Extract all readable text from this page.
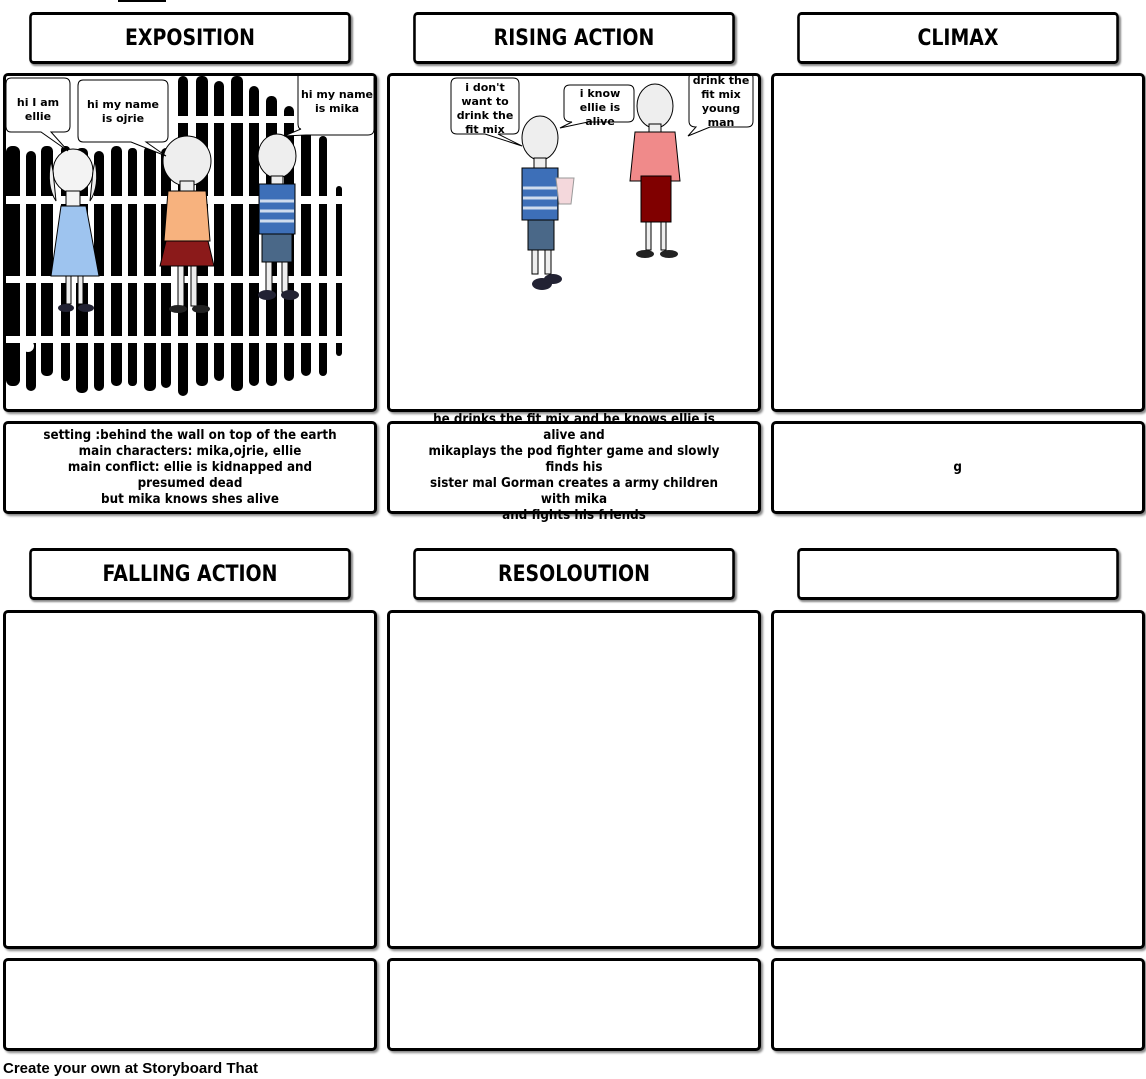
EXPOSITION	RISING ACTION	CLIMAX
hi I am
ellie
hi my name
is ojrie
hi my name
is mika
i don't
want to
drink the
fit mix
i know
ellie is
alive
drink the
fit mix
young
man
setting :behind the wall on top of the earth
main characters: mika,ojrie, ellie
main conflict: ellie is kidnapped and presumed dead
but mika knows shes alive
he drinks the fit mix and he knows ellie is alive and
mikaplays the pod fighter game and slowly finds his
sister mal Gorman creates a army children with mika
and fights his friends
g
FALLING ACTION	RESOLOUTION
Create your own at Storyboard That
